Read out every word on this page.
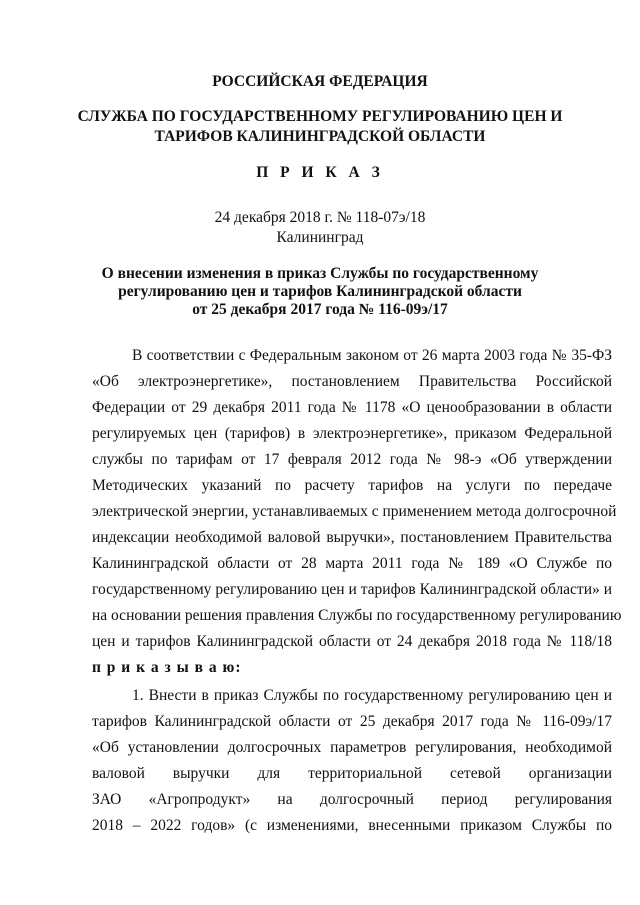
РОССИЙСКАЯ ФЕДЕРАЦИЯ
СЛУЖБА ПО ГОСУДАРСТВЕННОМУ РЕГУЛИРОВАНИЮ ЦЕН И
ТАРИФОВ КАЛИНИНГРАДСКОЙ ОБЛАСТИ
П Р И К А З
24 декабря 2018 г. № 118-07э/18
Калининград
О внесении изменения в приказ Службы по государственному
регулированию цен и тарифов Калининградской области
от 25 декабря 2017 года № 116-09э/17
В соответствии с Федеральным законом от 26 марта 2003 года № 35-ФЗ
«Об электроэнергетике», постановлением Правительства Российской
Федерации от 29 декабря 2011 года № 1178 «О ценообразовании в области
регулируемых цен (тарифов) в электроэнергетике», приказом Федеральной
службы по тарифам от 17 февраля 2012 года № 98-э «Об утверждении
Методических указаний по расчету тарифов на услуги по передаче
электрической энергии, устанавливаемых с применением метода долгосрочной
индексации необходимой валовой выручки», постановлением Правительства
Калининградской области от 28 марта 2011 года № 189 «О Службе по
государственному регулированию цен и тарифов Калининградской области» и
на основании решения правления Службы по государственному регулированию
цен и тарифов Калининградской области от 24 декабря 2018 года № 118/18
п р и к а з ы в а ю:
1. Внести в приказ Службы по государственному регулированию цен и
тарифов Калининградской области от 25 декабря 2017 года № 116-09э/17
«Об установлении долгосрочных параметров регулирования, необходимой
валовой выручки для территориальной сетевой организации
ЗАО «Агропродукт» на долгосрочный период регулирования
2018 – 2022 годов» (с изменениями, внесенными приказом Службы по
